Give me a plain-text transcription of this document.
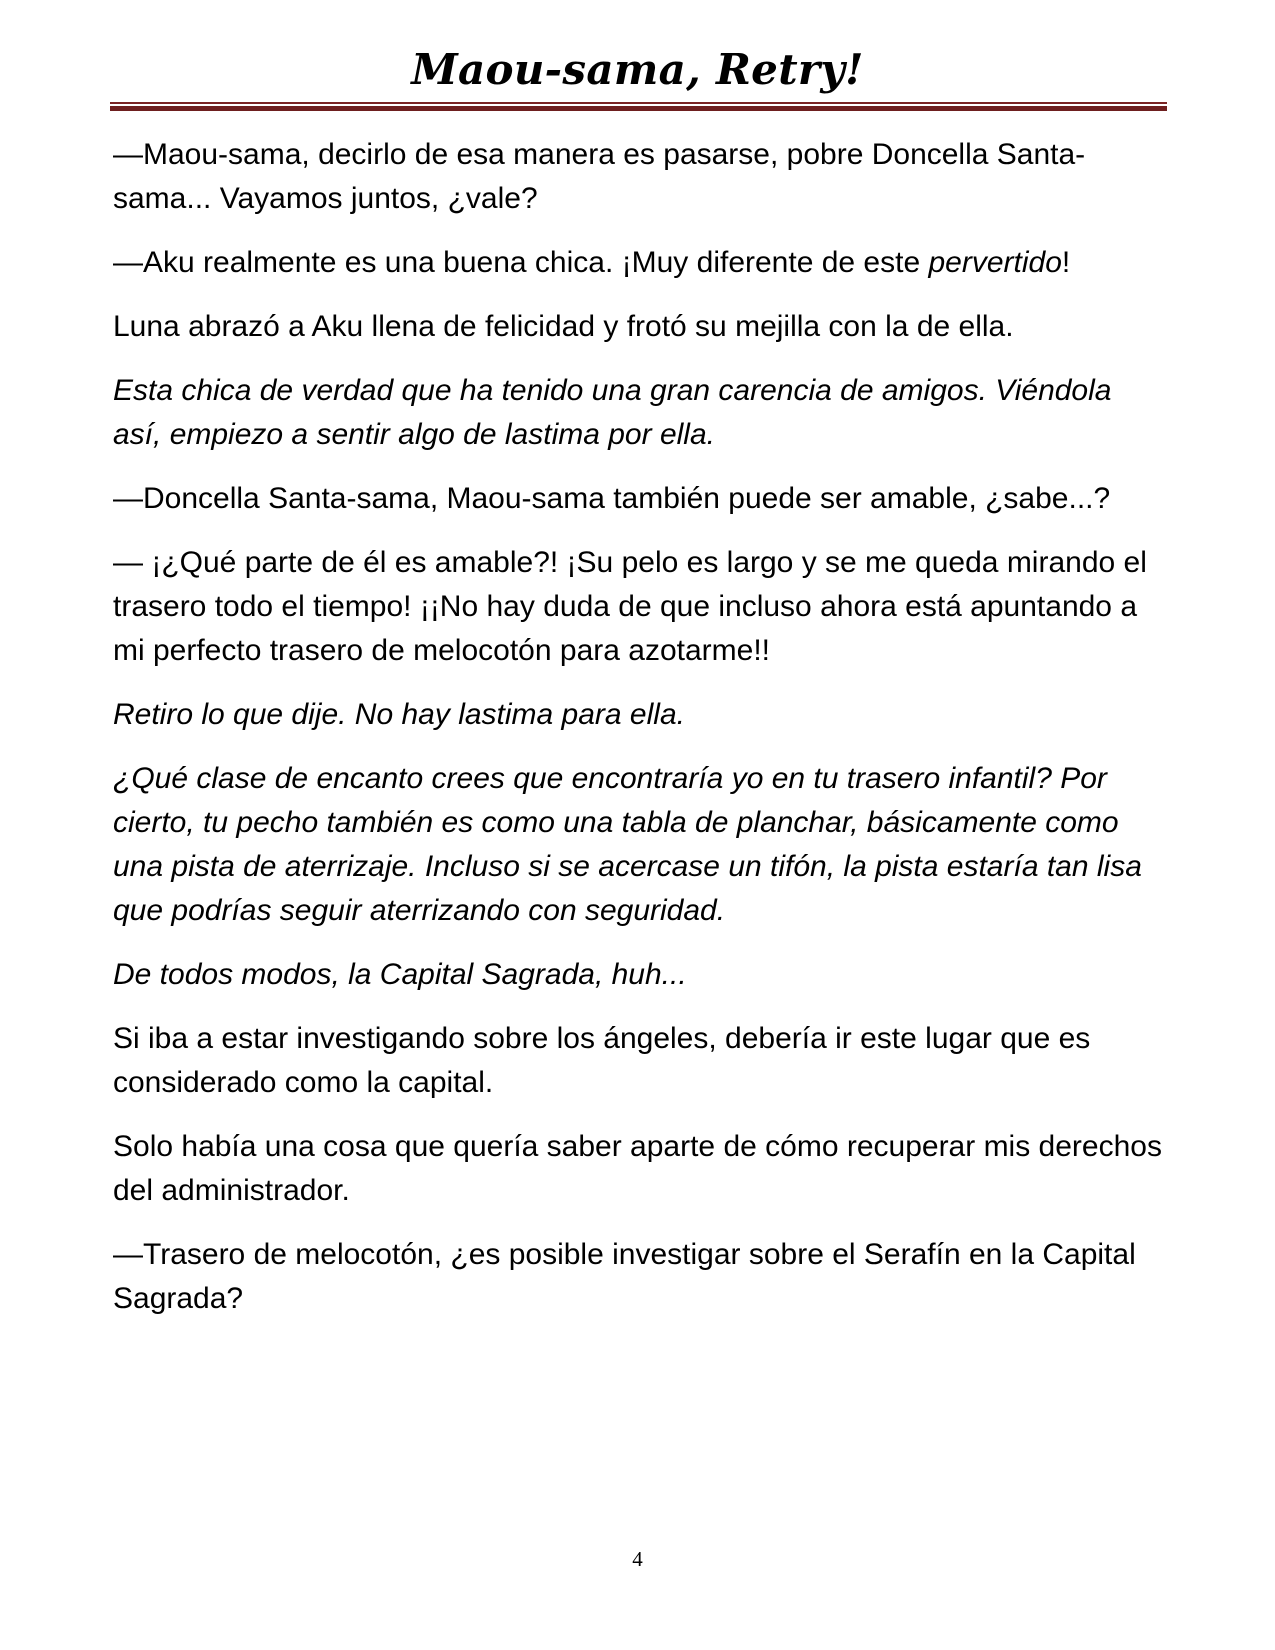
Maou-sama, Retry!

—Maou-sama, decirlo de esa manera es pasarse, pobre Doncella Santa-sama... Vayamos juntos, ¿vale?

—Aku realmente es una buena chica. ¡Muy diferente de este pervertido!

Luna abrazó a Aku llena de felicidad y frotó su mejilla con la de ella.

Esta chica de verdad que ha tenido una gran carencia de amigos. Viéndola así, empiezo a sentir algo de lastima por ella.

—Doncella Santa-sama, Maou-sama también puede ser amable, ¿sabe...?

— ¡¿Qué parte de él es amable?! ¡Su pelo es largo y se me queda mirando el trasero todo el tiempo! ¡¡No hay duda de que incluso ahora está apuntando a mi perfecto trasero de melocotón para azotarme!!

Retiro lo que dije. No hay lastima para ella.

¿Qué clase de encanto crees que encontraría yo en tu trasero infantil? Por cierto, tu pecho también es como una tabla de planchar, básicamente como una pista de aterrizaje. Incluso si se acercase un tifón, la pista estaría tan lisa que podrías seguir aterrizando con seguridad.

De todos modos, la Capital Sagrada, huh...

Si iba a estar investigando sobre los ángeles, debería ir este lugar que es considerado como la capital.

Solo había una cosa que quería saber aparte de cómo recuperar mis derechos del administrador.

—Trasero de melocotón, ¿es posible investigar sobre el Serafín en la Capital Sagrada?

4
